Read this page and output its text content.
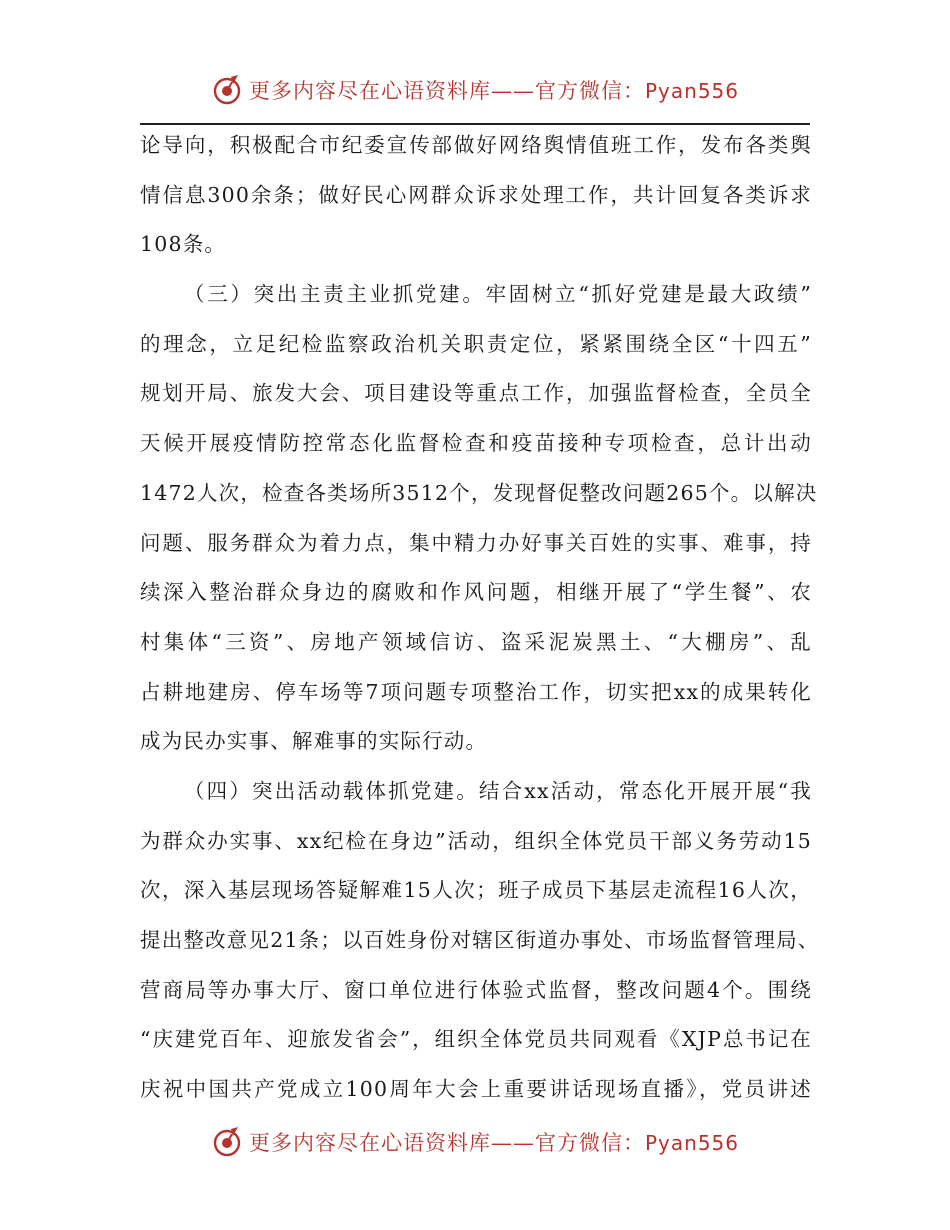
更多内容尽在心语资料库——官方微信：Pyan556
论导向，积极配合市纪委宣传部做好网络舆情值班工作，发布各类舆
情信息300余条；做好民心网群众诉求处理工作，共计回复各类诉求
108条。
（三）突出主责主业抓党建。牢固树立“抓好党建是最大政绩”
的理念，立足纪检监察政治机关职责定位，紧紧围绕全区“十四五”
规划开局、旅发大会、项目建设等重点工作，加强监督检查，全员全
天候开展疫情防控常态化监督检查和疫苗接种专项检查，总计出动
1472人次，检查各类场所3512个，发现督促整改问题265个。以解决
问题、服务群众为着力点，集中精力办好事关百姓的实事、难事，持
续深入整治群众身边的腐败和作风问题，相继开展了“学生餐”、农
村集体“三资”、房地产领域信访、盗采泥炭黑土、“大棚房”、乱
占耕地建房、停车场等7项问题专项整治工作，切实把xx的成果转化
成为民办实事、解难事的实际行动。
（四）突出活动载体抓党建。结合xx活动，常态化开展开展“我
为群众办实事、xx纪检在身边”活动，组织全体党员干部义务劳动15
次，深入基层现场答疑解难15人次；班子成员下基层走流程16人次，
提出整改意见21条；以百姓身份对辖区街道办事处、市场监督管理局、
营商局等办事大厅、窗口单位进行体验式监督，整改问题4个。围绕
“庆建党百年、迎旅发省会”，组织全体党员共同观看《XJP总书记在
庆祝中国共产党成立100周年大会上重要讲话现场直播》，党员讲述
更多内容尽在心语资料库——官方微信：Pyan556
